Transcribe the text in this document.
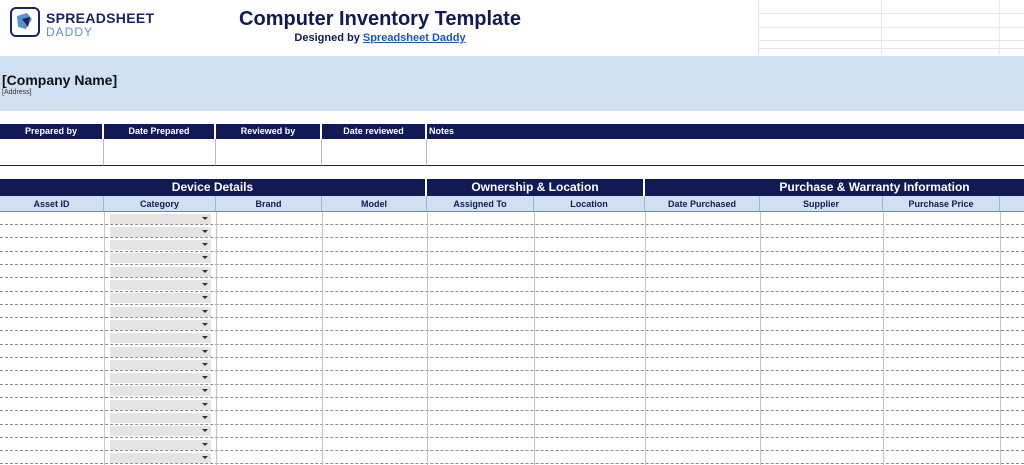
SPREADSHEET
DADDY
Computer Inventory Template
Designed by Spreadsheet Daddy
[Company Name]
[Address]
Prepared by	Date Prepared	Reviewed by	Date reviewed	Notes
Device Details	Ownership & Location	Purchase & Warranty Information
Asset ID	Category	Brand	Model	Assigned To	Location	Date Purchased	Supplier	Purchase Price
